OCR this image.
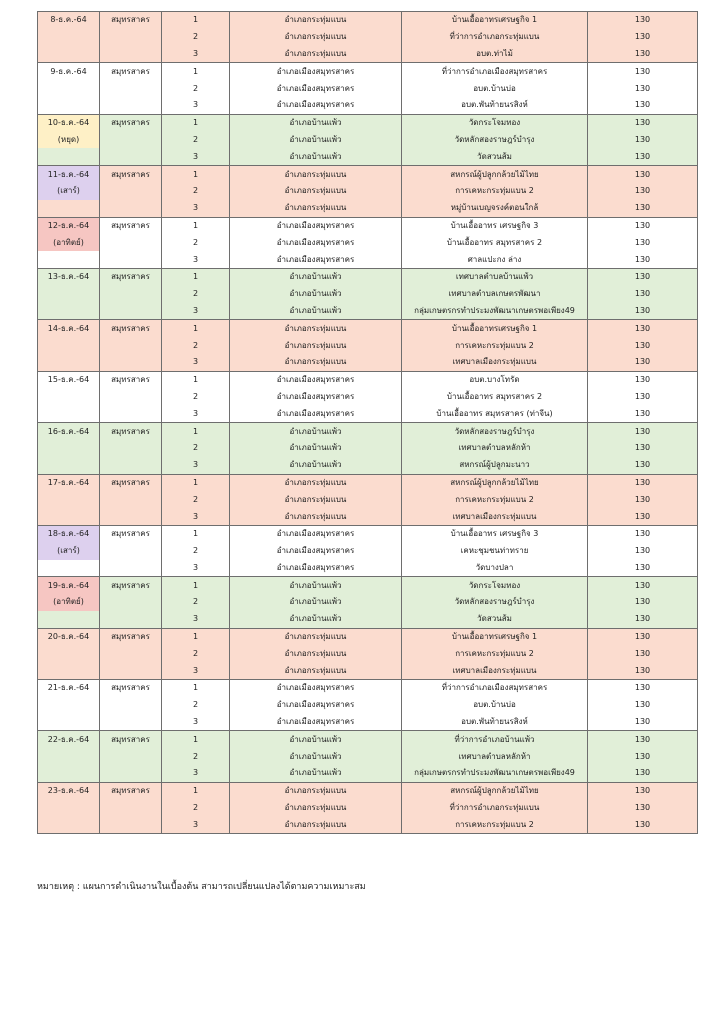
8-ธ.ค.-64	สมุทรสาคร	1	อำเภอกระทุ่มแบน	บ้านเอื้ออาทรเศรษฐกิจ 1	130
		2	อำเภอกระทุ่มแบน	ที่ว่าการอำเภอกระทุ่มแบน	130
		3	อำเภอกระทุ่มแบน	อบต.ท่าไม้	130
9-ธ.ค.-64	สมุทรสาคร	1	อำเภอเมืองสมุทรสาคร	ที่ว่าการอำเภอเมืองสมุทรสาคร	130
		2	อำเภอเมืองสมุทรสาคร	อบต.บ้านบ่อ	130
		3	อำเภอเมืองสมุทรสาคร	อบต.พันท้ายนรสิงห์	130
10-ธ.ค.-64	สมุทรสาคร	1	อำเภอบ้านแพ้ว	วัดกระโจมทอง	130
(หยุด)		2	อำเภอบ้านแพ้ว	วัดหลักสองราษฎร์บำรุง	130
		3	อำเภอบ้านแพ้ว	วัดสวนส้ม	130
11-ธ.ค.-64	สมุทรสาคร	1	อำเภอกระทุ่มแบน	สหกรณ์ผู้ปลูกกล้วยไม้ไทย	130
(เสาร์)		2	อำเภอกระทุ่มแบน	การเคหะกระทุ่มแบน 2	130
		3	อำเภอกระทุ่มแบน	หมู่บ้านเบญจรงค์ตอนใกล้	130
12-ธ.ค.-64	สมุทรสาคร	1	อำเภอเมืองสมุทรสาคร	บ้านเอื้ออาทร เศรษฐกิจ 3	130
(อาทิตย์)		2	อำเภอเมืองสมุทรสาคร	บ้านเอื้ออาทร สมุทรสาคร 2	130
		3	อำเภอเมืองสมุทรสาคร	ศาลแปะกง ล่าง	130
13-ธ.ค.-64	สมุทรสาคร	1	อำเภอบ้านแพ้ว	เทศบาลตำบลบ้านแพ้ว	130
		2	อำเภอบ้านแพ้ว	เทศบาลตำบลเกษตรพัฒนา	130
		3	อำเภอบ้านแพ้ว	กลุ่มเกษตรกรทำประมงพัฒนาเกษตรพอเพียง49	130
14-ธ.ค.-64	สมุทรสาคร	1	อำเภอกระทุ่มแบน	บ้านเอื้ออาทรเศรษฐกิจ 1	130
		2	อำเภอกระทุ่มแบน	การเคหะกระทุ่มแบน 2	130
		3	อำเภอกระทุ่มแบน	เทศบาลเมืองกระทุ่มแบน	130
15-ธ.ค.-64	สมุทรสาคร	1	อำเภอเมืองสมุทรสาคร	อบต.บางโทรัด	130
		2	อำเภอเมืองสมุทรสาคร	บ้านเอื้ออาทร สมุทรสาคร 2	130
		3	อำเภอเมืองสมุทรสาคร	บ้านเอื้ออาทร สมุทรสาคร (ท่าจีน)	130
16-ธ.ค.-64	สมุทรสาคร	1	อำเภอบ้านแพ้ว	วัดหลักสองราษฎร์บำรุง	130
		2	อำเภอบ้านแพ้ว	เทศบาลตำบลหลักห้า	130
		3	อำเภอบ้านแพ้ว	สหกรณ์ผู้ปลูกมะนาว	130
17-ธ.ค.-64	สมุทรสาคร	1	อำเภอกระทุ่มแบน	สหกรณ์ผู้ปลูกกล้วยไม้ไทย	130
		2	อำเภอกระทุ่มแบน	การเคหะกระทุ่มแบน 2	130
		3	อำเภอกระทุ่มแบน	เทศบาลเมืองกระทุ่มแบน	130
18-ธ.ค.-64	สมุทรสาคร	1	อำเภอเมืองสมุทรสาคร	บ้านเอื้ออาทร เศรษฐกิจ 3	130
(เสาร์)		2	อำเภอเมืองสมุทรสาคร	เคหะชุมชนท่าทราย	130
		3	อำเภอเมืองสมุทรสาคร	วัดบางปลา	130
19-ธ.ค.-64	สมุทรสาคร	1	อำเภอบ้านแพ้ว	วัดกระโจมทอง	130
(อาทิตย์)		2	อำเภอบ้านแพ้ว	วัดหลักสองราษฎร์บำรุง	130
		3	อำเภอบ้านแพ้ว	วัดสวนส้ม	130
20-ธ.ค.-64	สมุทรสาคร	1	อำเภอกระทุ่มแบน	บ้านเอื้ออาทรเศรษฐกิจ 1	130
		2	อำเภอกระทุ่มแบน	การเคหะกระทุ่มแบน 2	130
		3	อำเภอกระทุ่มแบน	เทศบาลเมืองกระทุ่มแบน	130
21-ธ.ค.-64	สมุทรสาคร	1	อำเภอเมืองสมุทรสาคร	ที่ว่าการอำเภอเมืองสมุทรสาคร	130
		2	อำเภอเมืองสมุทรสาคร	อบต.บ้านบ่อ	130
		3	อำเภอเมืองสมุทรสาคร	อบต.พันท้ายนรสิงห์	130
22-ธ.ค.-64	สมุทรสาคร	1	อำเภอบ้านแพ้ว	ที่ว่าการอำเภอบ้านแพ้ว	130
		2	อำเภอบ้านแพ้ว	เทศบาลตำบลหลักห้า	130
		3	อำเภอบ้านแพ้ว	กลุ่มเกษตรกรทำประมงพัฒนาเกษตรพอเพียง49	130
23-ธ.ค.-64	สมุทรสาคร	1	อำเภอกระทุ่มแบน	สหกรณ์ผู้ปลูกกล้วยไม้ไทย	130
		2	อำเภอกระทุ่มแบน	ที่ว่าการอำเภอกระทุ่มแบน	130
		3	อำเภอกระทุ่มแบน	การเคหะกระทุ่มแบน 2	130
หมายเหตุ : แผนการดำเนินงานในเบื้องต้น สามารถเปลี่ยนแปลงได้ตามความเหมาะสม
